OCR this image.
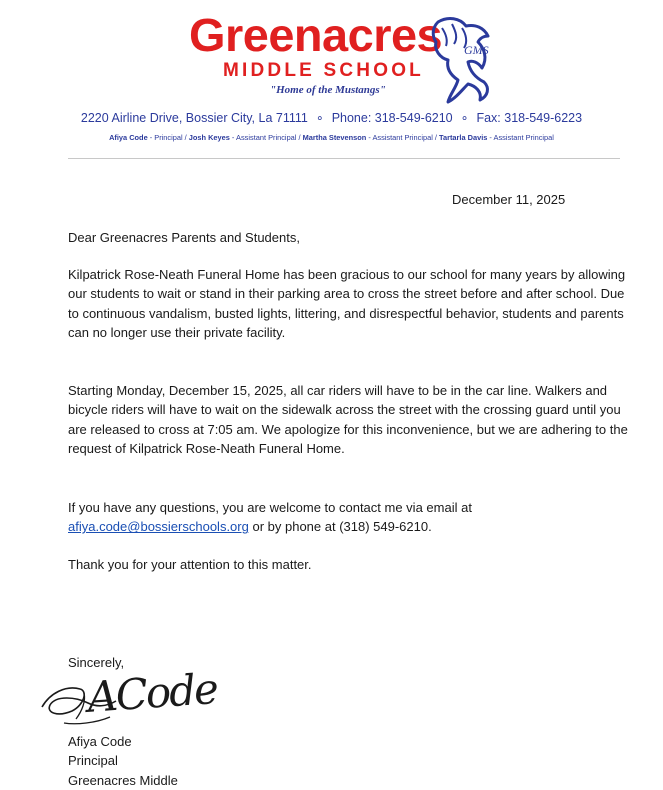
Greenacres
MIDDLE SCHOOL
"Home of the Mustangs"
GMS
2220 Airline Drive, Bossier City, La 71111 ∘ Phone: 318-549-6210 ∘ Fax: 318-549-6223
Afiya Code - Principal / Josh Keyes - Assistant Principal / Martha Stevenson - Assistant Principal / Tartarla Davis - Assistant Principal
December 11, 2025
Dear Greenacres Parents and Students,
Kilpatrick Rose-Neath Funeral Home has been gracious to our school for many years by allowing our students to wait or stand in their parking area to cross the street before and after school. Due to continuous vandalism, busted lights, littering, and disrespectful behavior, students and parents can no longer use their private facility.
Starting Monday, December 15, 2025, all car riders will have to be in the car line. Walkers and bicycle riders will have to wait on the sidewalk across the street with the crossing guard until you are released to cross at 7:05 am. We apologize for this inconvenience, but we are adhering to the request of Kilpatrick Rose-Neath Funeral Home.
If you have any questions, you are welcome to contact me via email at
afiya.code@bossierschools.org or by phone at (318) 549-6210.
Thank you for your attention to this matter.
Sincerely,
ACode
Afiya Code
Principal
Greenacres Middle
